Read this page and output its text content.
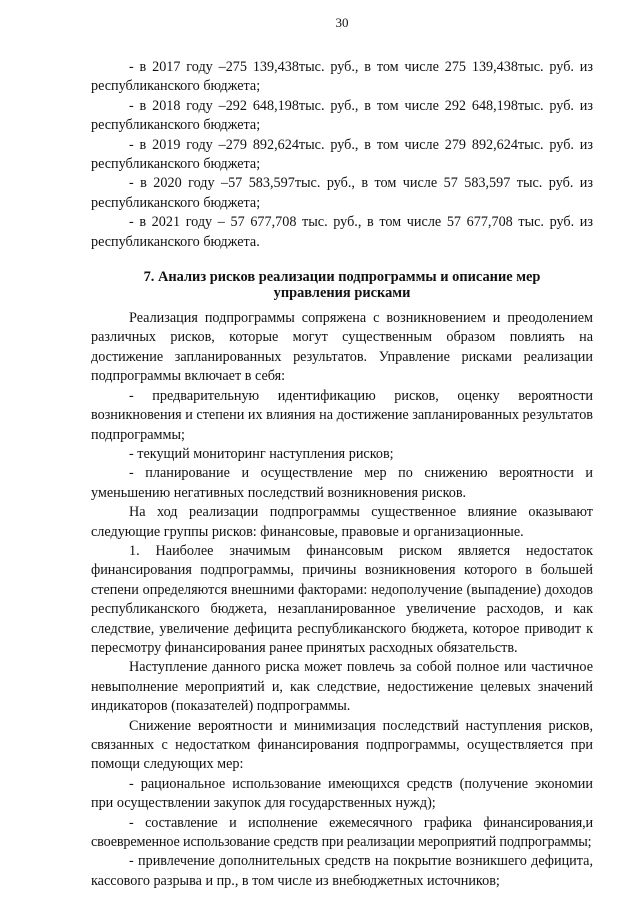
30

- в 2017 году –275 139,438тыс. руб., в том числе 275 139,438тыс. руб. из республиканского бюджета;

- в 2018 году –292 648,198тыс. руб., в том числе 292 648,198тыс. руб. из республиканского бюджета;

- в 2019 году –279 892,624тыс. руб., в том числе 279 892,624тыс. руб. из республиканского бюджета;

- в 2020 году –57 583,597тыс. руб., в том числе 57 583,597 тыс. руб. из республиканского бюджета;

- в 2021 году – 57 677,708 тыс. руб., в том числе 57 677,708 тыс. руб. из республиканского бюджета.

7. Анализ рисков реализации подпрограммы и описание мер
управления рисками

Реализация подпрограммы сопряжена с возникновением и преодолением различных рисков, которые могут существенным образом повлиять на достижение запланированных результатов. Управление рисками реализации подпрограммы включает в себя:

- предварительную идентификацию рисков, оценку вероятности возникновения и степени их влияния на достижение запланированных результатов подпрограммы;

- текущий мониторинг наступления рисков;

- планирование и осуществление мер по снижению вероятности и уменьшению негативных последствий возникновения рисков.

На ход реализации подпрограммы существенное влияние оказывают следующие группы рисков: финансовые, правовые и организационные.

1. Наиболее значимым финансовым риском является недостаток финансирования подпрограммы, причины возникновения которого в большей степени определяются внешними факторами: недополучение (выпадение) доходов республиканского бюджета, незапланированное увеличение расходов, и как следствие, увеличение дефицита республиканского бюджета, которое приводит к пересмотру финансирования ранее принятых расходных обязательств.

Наступление данного риска может повлечь за собой полное или частичное невыполнение мероприятий и, как следствие, недостижение целевых значений индикаторов (показателей) подпрограммы.

Снижение вероятности и минимизация последствий наступления рисков, связанных с недостатком финансирования подпрограммы, осуществляется при помощи следующих мер:

- рациональное использование имеющихся средств (получение экономии при осуществлении закупок для государственных нужд);

- составление и исполнение ежемесячного графика финансирования,и своевременное использование средств при реализации мероприятий подпрограммы;

- привлечение дополнительных средств на покрытие возникшего дефицита, кассового разрыва и пр., в том числе из внебюджетных источников;
